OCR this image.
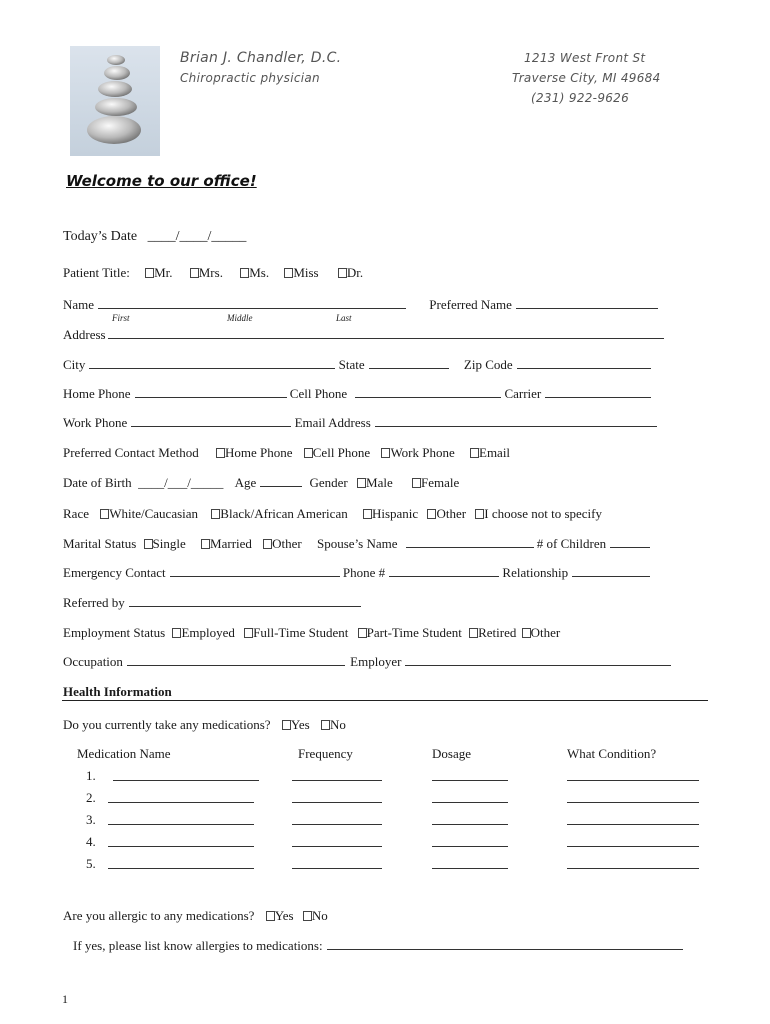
Brian J. Chandler, D.C.
Chiropractic physician
1213 West Front St
Traverse City, MI 49684
(231) 922-9626
Welcome to our office!
Today’s Date ____/____/_____
Patient Title: Mr. Mrs. Ms. Miss Dr.
Name	Preferred Name
First	Middle	Last
Address
City	State	Zip Code
Home Phone	Cell Phone	Carrier
Work Phone	Email Address
Preferred Contact Method Home Phone Cell Phone Work Phone Email
Date of Birth ____/___/_____ Age	Gender Male Female
Race White/Caucasian Black/African American Hispanic Other I choose not to specify
Marital Status Single Married Other Spouse’s Name	# of Children
Emergency Contact	Phone #	Relationship
Referred by
Employment Status Employed Full-Time Student Part-Time Student Retired Other
Occupation	Employer
Health Information
Do you currently take any medications? Yes No
Medication Name	Frequency	Dosage	What Condition?
1.
2.
3.
4.
5.
Are you allergic to any medications? Yes No
If yes, please list know allergies to medications:
1
